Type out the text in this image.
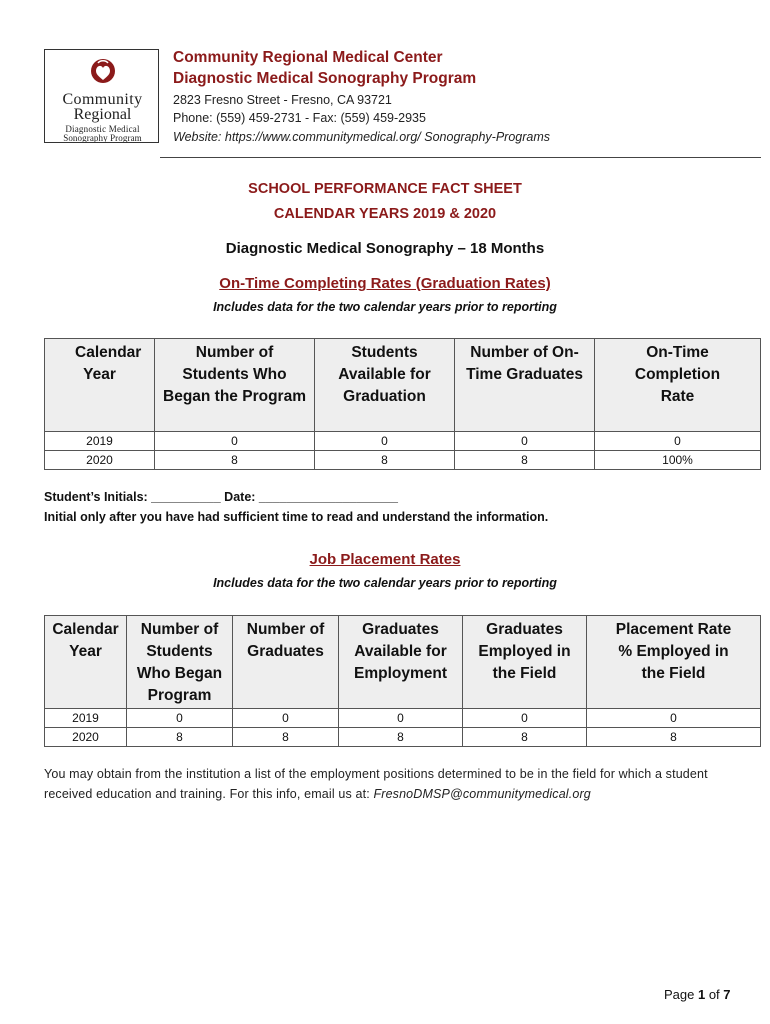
Community
Regional
Diagnostic Medical
Sonography Program
Community Regional Medical Center
Diagnostic Medical Sonography Program
2823 Fresno Street - Fresno, CA 93721
Phone: (559) 459-2731 - Fax: (559) 459-2935
Website: https://www.communitymedical.org/ Sonography-Programs
SCHOOL PERFORMANCE FACT SHEET
CALENDAR YEARS 2019 & 2020
Diagnostic Medical Sonography – 18 Months
On-Time Completing Rates (Graduation Rates)
Includes data for the two calendar years prior to reporting
Calendar Year	Number of Students Who Began the Program	Students Available for Graduation	Number of On-Time Graduates	On-Time Completion Rate
2019	0	0	0	0
2020	8	8	8	100%
Student’s Initials: __________ Date: ____________________
Initial only after you have had sufficient time to read and understand the information.
Job Placement Rates
Includes data for the two calendar years prior to reporting
Calendar Year	Number of Students Who Began Program	Number of Graduates	Graduates Available for Employment	Graduates Employed in the Field	Placement Rate % Employed in the Field
2019	0	0	0	0	0
2020	8	8	8	8	8
You may obtain from the institution a list of the employment positions determined to be in the field for which a student received education and training. For this info, email us at: FresnoDMSP@communitymedical.org
Page 1 of 7
